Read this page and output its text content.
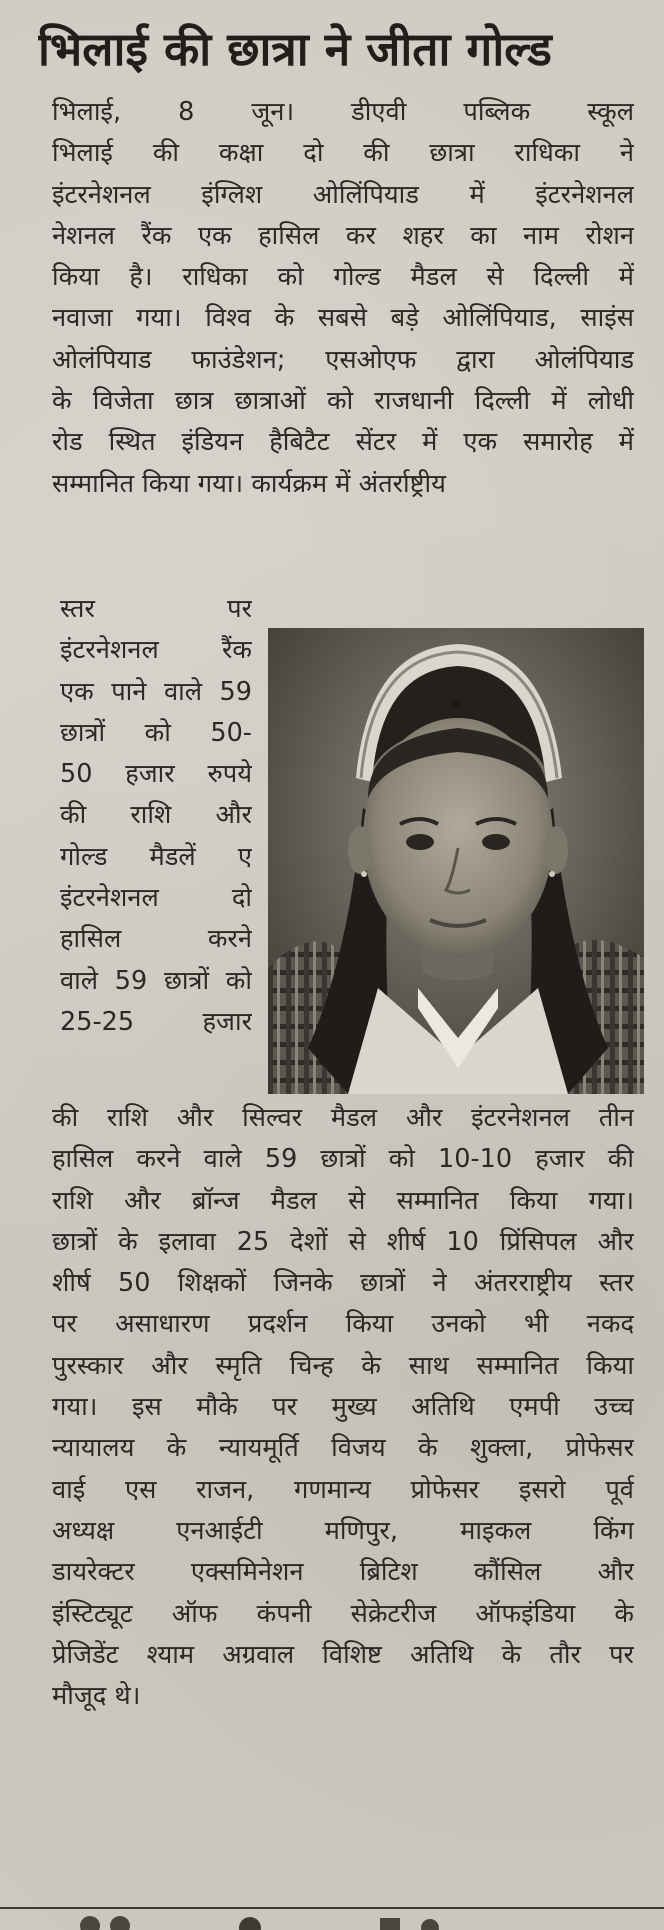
भिलाई की छात्रा ने जीता गोल्ड
भिलाई, 8 जून। डीएवी पब्लिक स्कूल
भिलाई की कक्षा दो की छात्रा राधिका ने
इंटरनेशनल इंग्लिश ओलिंपियाड में इंटरनेशनल
नेशनल रैंक एक हासिल कर शहर का नाम रोशन
किया है। राधिका को गोल्ड मैडल से दिल्ली में
नवाजा गया। विश्व के सबसे बड़े ओलिंपियाड, साइंस
ओलंपियाड फाउंडेशन; एसओएफ द्वारा ओलंपियाड
के विजेता छात्र छात्राओं को राजधानी दिल्ली में लोधी
रोड स्थित इंडियन हैबिटैट सेंटर में एक समारोह में
सम्मानित किया गया। कार्यक्रम में अंतर्राष्ट्रीय
स्तर पर
इंटरनेशनल रैंक
एक पाने वाले 59
छात्रों को 50-
50 हजार रुपये
की राशि और
गोल्ड मैडलें ए
इंटरनेशनल दो
हासिल करने
वाले 59 छात्रों को
25-25 हजार
की राशि और सिल्वर मैडल और इंटरनेशनल तीन
हासिल करने वाले 59 छात्रों को 10-10 हजार की
राशि और ब्रॉन्ज मैडल से सम्मानित किया गया।
छात्रों के इलावा 25 देशों से शीर्ष 10 प्रिंसिपल और
शीर्ष 50 शिक्षकों जिनके छात्रों ने अंतरराष्ट्रीय स्तर
पर असाधारण प्रदर्शन किया उनको भी नकद
पुरस्कार और स्मृति चिन्ह के साथ सम्मानित किया
गया। इस मौके पर मुख्य अतिथि एमपी उच्च
न्यायालय के न्यायमूर्ति विजय के शुक्ला, प्रोफेसर
वाई एस राजन, गणमान्य प्रोफेसर इसरो पूर्व
अध्यक्ष एनआईटी मणिपुर, माइकल किंग
डायरेक्टर एक्समिनेशन ब्रिटिश कौंसिल और
इंस्टिट्यूट ऑफ कंपनी सेक्रेटरीज ऑफइंडिया के
प्रेजिडेंट श्याम अग्रवाल विशिष्ट अतिथि के तौर पर
मौजूद थे।
